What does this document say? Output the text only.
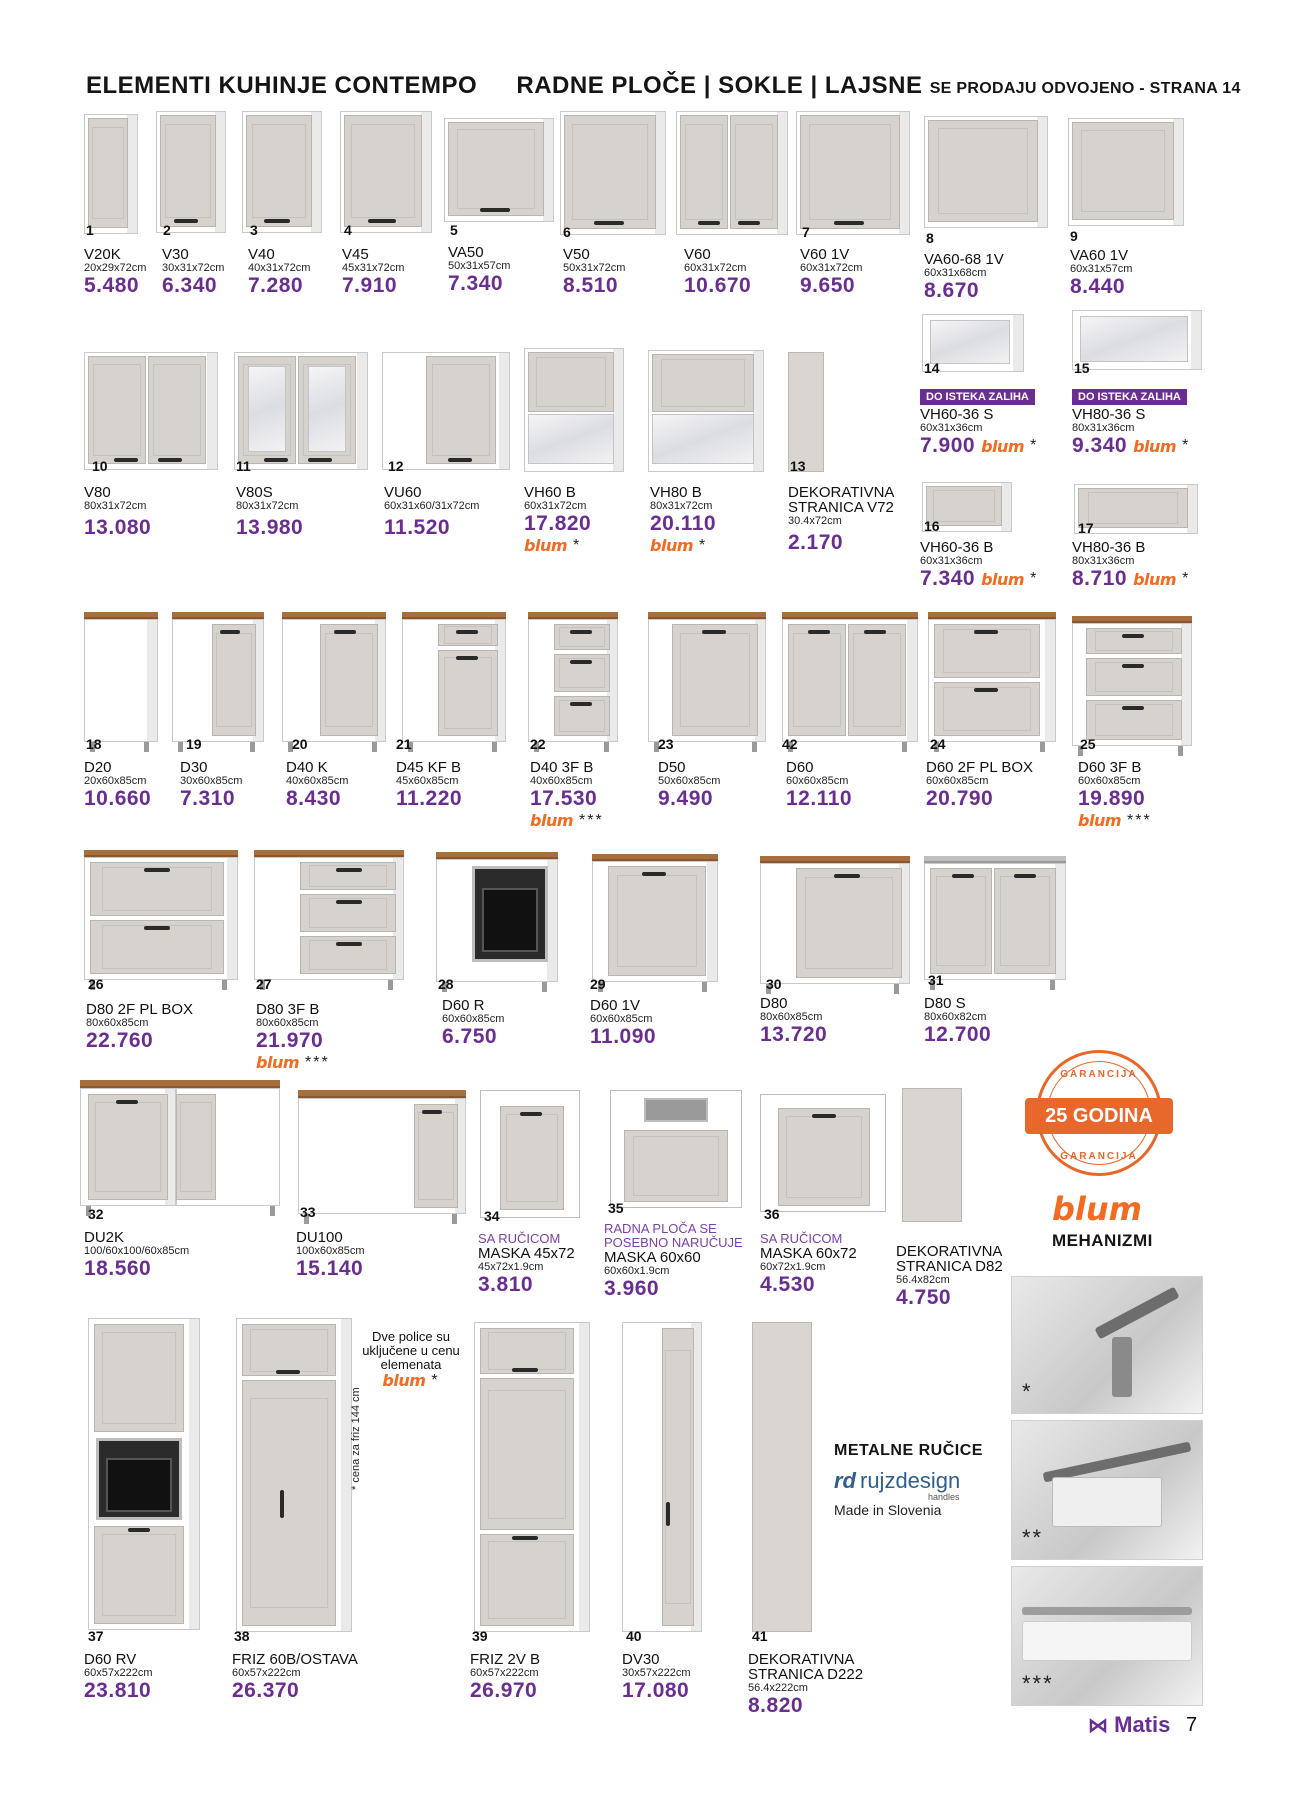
ELEMENTI KUHINJE CONTEMPO RADNE PLOČE | SOKLE | LAJSNE SE PRODAJU ODVOJENO - STRANA 14
1
V20K
20x29x72cm
5.480
2
V30
30x31x72cm
6.340
3
V40
40x31x72cm
7.280
4
V45
45x31x72cm
7.910
5
VA50
50x31x57cm
7.340
6
V50
50x31x72cm
8.510
V60
60x31x72cm
10.670
7
V60 1V
60x31x72cm
9.650
8
VA60-68 1V
60x31x68cm
8.670
9
VA60 1V
60x31x57cm
8.440
10
V80
80x31x72cm
13.080
11
V80S
80x31x72cm
13.980
12
VU60
60x31x60/31x72cm
11.520
VH60 B
60x31x72cm
17.820
blum *
VH80 B
80x31x72cm
20.110
blum *
13
DEKORATIVNA STRANICA V72
30.4x72cm
2.170
14
DO ISTEKA ZALIHA
VH60-36 S
60x31x36cm
7.900 blum *
15
DO ISTEKA ZALIHA
VH80-36 S
80x31x36cm
9.340 blum *
16
VH60-36 B
60x31x36cm
7.340 blum *
17
VH80-36 B
80x31x36cm
8.710 blum *
18
D20
20x60x85cm
10.660
19
D30
30x60x85cm
7.310
20
D40 K
40x60x85cm
8.430
21
D45 KF B
45x60x85cm
11.220
22
D40 3F B
40x60x85cm
17.530
blum ***
23
D50
50x60x85cm
9.490
42
D60
60x60x85cm
12.110
24
D60 2F PL BOX
60x60x85cm
20.790
25
D60 3F B
60x60x85cm
19.890
blum ***
26
D80 2F PL BOX
80x60x85cm
22.760
27
D80 3F B
80x60x85cm
21.970
blum ***
28
D60 R
60x60x85cm
6.750
29
D60 1V
60x60x85cm
11.090
30
D80
80x60x85cm
13.720
31
D80 S
80x60x82cm
12.700
32
DU2K
100/60x100/60x85cm
18.560
33
DU100
100x60x85cm
15.140
34
SA RUČICOM
MASKA 45x72
45x72x1.9cm
3.810
35
RADNA PLOČA SE POSEBNO NARUČUJE
MASKA 60x60
60x60x1.9cm
3.960
36
SA RUČICOM
MASKA 60x72
60x72x1.9cm
4.530
DEKORATIVNA STRANICA D82
56.4x82cm
4.750
GARANCIJA
25 GODINA
GARANCIJA
blum
MEHANIZMI
*
**
***
37
D60 RV
60x57x222cm
23.810
38
FRIZ 60B/OSTAVA
60x57x222cm
26.370
Dve police su uključene u cenu elemenata
blum *
* cena za friz 144 cm
39
FRIZ 2V B
60x57x222cm
26.970
40
DV30
30x57x222cm
17.080
41
DEKORATIVNA STRANICA D222
56.4x222cm
8.820
METALNE RUČICE
rd rujzdesign
handles
Made in Slovenia
⋈ Matis 7
